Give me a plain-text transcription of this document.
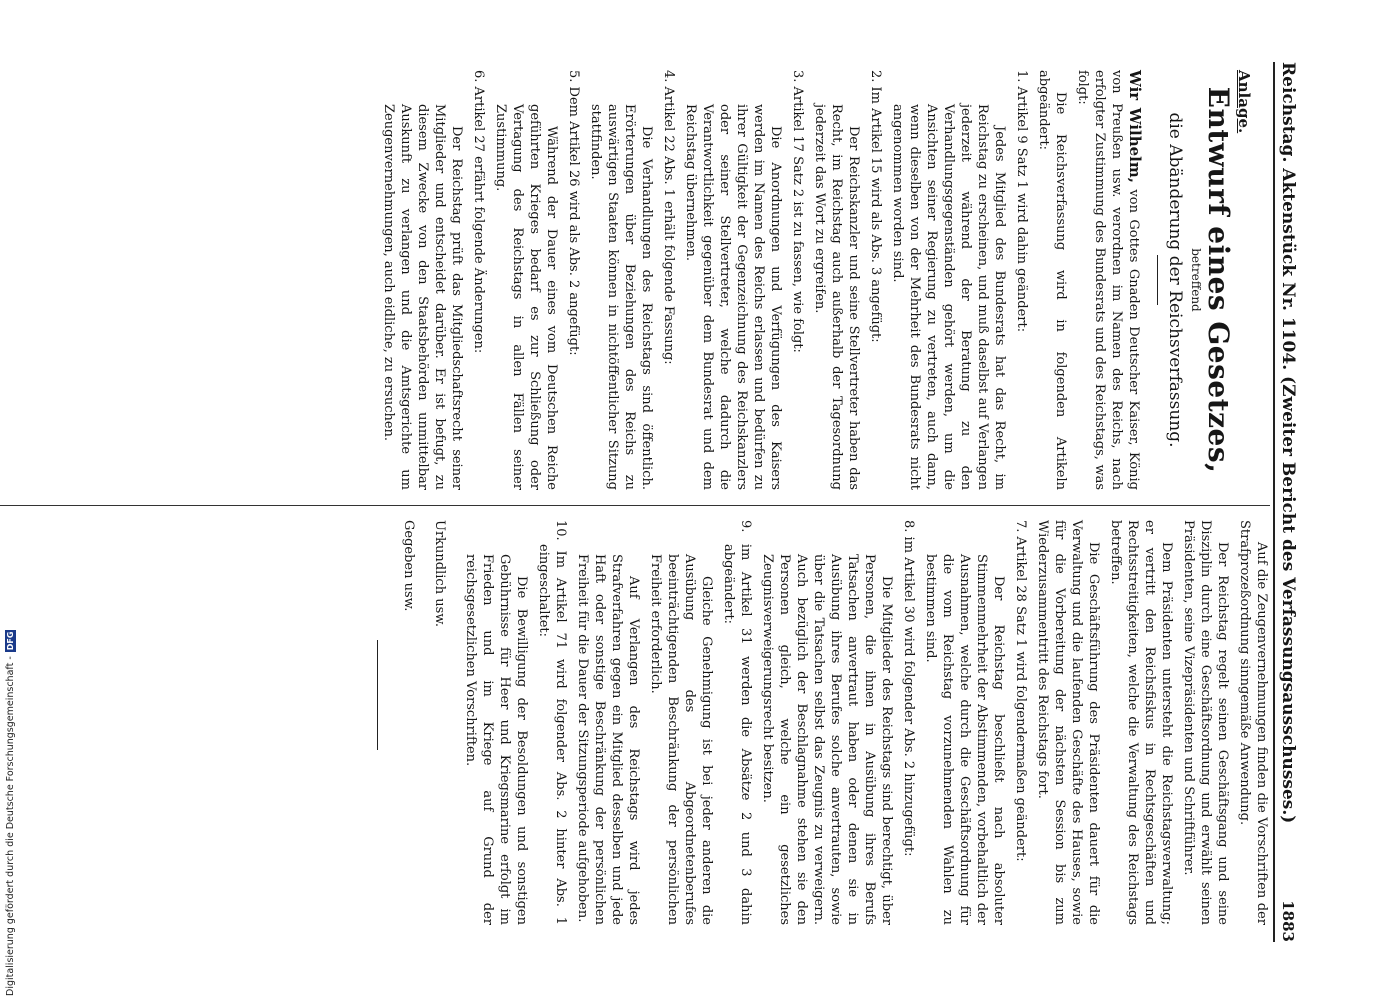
Reichstag. Aktenstück Nr. 1104. (Zweiter Bericht des Verfassungsausschusses.)
1883
Anlage.
Entwurf eines Gesetzes,
betreffend
die Abänderung der Reichsverfassung.

Wir Wilhelm, von Gottes Gnaden Deutscher Kaiser, König von Preußen usw. verordnen im Namen des Reichs, nach erfolgter Zustimmung des Bundesrats und des Reichstags, was folgt:

Die Reichsverfassung wird in folgenden Artikeln abgeändert:

1. Artikel 9 Satz 1 wird dahin geändert:

Jedes Mitglied des Bundesrats hat das Recht, im Reichstag zu erscheinen, und muß daselbst auf Verlangen jederzeit während der Beratung zu den Verhandlungsgegenständen gehört werden, um die Ansichten seiner Regierung zu vertreten, auch dann, wenn dieselben von der Mehrheit des Bundesrats nicht angenommen worden sind.

2. Im Artikel 15 wird als Abs. 3 angefügt:

Der Reichskanzler und seine Stellvertreter haben das Recht, im Reichstag auch außerhalb der Tagesordnung jederzeit das Wort zu ergreifen.

3. Artikel 17 Satz 2 ist zu fassen, wie folgt:

Die Anordnungen und Verfügungen des Kaisers werden im Namen des Reichs erlassen und bedürfen zu ihrer Gültigkeit der Gegenzeichnung des Reichskanzlers oder seiner Stellvertreter, welche dadurch die Verantwortlichkeit gegenüber dem Bundesrat und dem Reichstag übernehmen.

4. Artikel 22 Abs. 1 erhält folgende Fassung:

Die Verhandlungen des Reichstags sind öffentlich. Erörterungen über Beziehungen des Reichs zu auswärtigen Staaten können in nichtöffentlicher Sitzung stattfinden.

5. Dem Artikel 26 wird als Abs. 2 angefügt:

Während der Dauer eines vom Deutschen Reiche geführten Krieges bedarf es zur Schließung oder Vertagung des Reichstags in allen Fällen seiner Zustimmung.

6. Artikel 27 erfährt folgende Änderungen:

Der Reichstag prüft das Mitgliedschaftsrecht seiner Mitglieder und entscheidet darüber. Er ist befugt, zu diesem Zwecke von den Staatsbehörden unmittelbar Auskunft zu verlangen und die Amtsgerichte um Zeugenvernehmungen, auch eidliche, zu ersuchen.

Auf die Zeugenvernehmungen finden die Vorschriften der Strafprozeßordnung sinngemäße Anwendung.

Der Reichstag regelt seinen Geschäftsgang und seine Disziplin durch eine Geschäftsordnung und erwählt seinen Präsidenten, seine Vizepräsidenten und Schriftführer.

Dem Präsidenten untersteht die Reichstagsverwaltung; er vertritt den Reichsfiskus in Rechtsgeschäften und Rechtsstreitigkeiten, welche die Verwaltung des Reichstags betreffen.

Die Geschäftsführung des Präsidenten dauert für die Verwaltung und die laufenden Geschäfte des Hauses, sowie für die Vorbereitung der nächsten Session bis zum Wiederzusammentritt des Reichstags fort.

7. Artikel 28 Satz 1 wird folgendermaßen geändert:

Der Reichstag beschließt nach absoluter Stimmenmehrheit der Abstimmenden, vorbehaltlich der Ausnahmen, welche durch die Geschäftsordnung für die vom Reichstag vorzunehmenden Wahlen zu bestimmen sind.

8. im Artikel 30 wird folgender Abs. 2 hinzugefügt:

Die Mitglieder des Reichstags sind berechtigt, über Personen, die ihnen in Ausübung ihres Berufs Tatsachen anvertraut haben oder denen sie in Ausübung ihres Berufes solche anvertrauten, sowie über die Tatsachen selbst das Zeugnis zu verweigern. Auch bezüglich der Beschlagnahme stehen sie den Personen gleich, welche ein gesetzliches Zeugnisverweigerungsrecht besitzen.

9. im Artikel 31 werden die Absätze 2 und 3 dahin abgeändert:

Gleiche Genehmigung ist bei jeder anderen die Ausübung des Abgeordnetenberufes beeinträchtigenden Beschränkung der persönlichen Freiheit erforderlich.

Auf Verlangen des Reichstags wird jedes Strafverfahren gegen ein Mitglied desselben und jede Haft oder sonstige Beschränkung der persönlichen Freiheit für die Dauer der Sitzungsperiode aufgehoben.

10. Im Artikel 71 wird folgender Abs. 2 hinter Abs. 1 eingeschaltet:

Die Bewilligung der Besoldungen und sonstigen Gebührnisse für Heer und Kriegsmarine erfolgt im Frieden und im Kriege auf Grund der reichsgesetzlichen Vorschriften.

Urkundlich usw.

Gegeben usw.

Digitalisierung gefördert durch die Deutsche Forschungsgemeinschaft -
DFG
